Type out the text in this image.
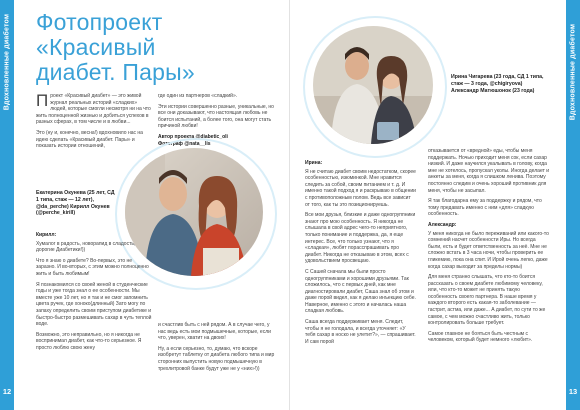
Вдохновленные диабетом
12
Вдохновленные диабетом
13
Фотопроект
«Красивый
диабет. Пары»

Проект «Красивый диабет» — это живой журнал реальных историй «сладких» людей, которые смогли несмотря ни на что жить полноценной жизнью и добиться успехов в разных сферах, в том числе и в любви...

Это (ну и, конечно, весна!) вдохновило нас на идею сделать «Красивый диабет. Пары» и показать истории отношений,

где один из партнеров «сладкий».

Эти истории совершенно разные, уникальные, но все они доказывают, что настоящая любовь не боится испытаний, а более того, она могут стать причиной любви!

Автор проекта @diabetic_oli

Фотограф @nata__lis

Екатерина Окунева (25 лет, СД 1 типа, стаж — 12 лет), @da_perche) Кирилл Окунев (@perche_kirill)

Кирилл:

Хумалог в радость, новорапид в сладость, дорогие Диабетики!))

Что я знаю о диабете? Во-первых, это не заразно. И во-вторых, с этим можно полноценно жить и быть любимым!

Я познакомился со своей женой в студенческие годы и уже тогда знал о ее особенности. Мы вместе уже 10 лет, но я так и не смог запомнить цвета ручек, где хоноко(длинный) Зато могу по запаху определить своим приступом диабетике и быстро-быстро размешивать сахар в чуть теплой воде.

Возможно, это неправильно, но я никогда не воспринимал диабет, как что-то серьезное. Я просто люблю свою жену

и счастлив быть с ней рядом. А в случае чего, у нас ведь есть мои подмышечные, которые, если что, уверен, хватит на двоих!

Ну, а если серьезно, то, думаю, что вскоре изобретут таблетку от диабета любого типа и мир сторонних выпустить новую подмышечную в трехлитровой банке будут уже не у «них»!))

Ирина Чигарева (23 года, СД 1 типа, стаж — 3 года, @chigiryova) Александр Матюшонок (23 года)

Ирина:

Я не считаю диабет своим недостатком, скорее особенностью, изюминкой. Мне нравится следить за собой, своим питанием и т. д. И именно такой подход я и раскрываю в общении с противоположным полом. Ведь все зависит от того, как ты это позиционируешь.

Все мои друзья, близкие и даже одногруппники знают про мою особенность. Я никогда не слышала в свой адрес чего-то неприятного, только понимание и поддержка, да, я еще интерес. Все, что только узнают, что я «сладкая», любят порасспрашивать про диабет. Никогда не отказываю в этом, всех с удовольствием просвещаю.

С Сашей сначала мы были просто одногруппниками и хорошими друзьями. Так сложилось, что с первых дней, как мне диагностировали диабет, Саша знал об этом и даже порой видел, как я делаю инъекцию себе. Наверное, именно с этого и началась наша сладкая любовь.

Саша всегда поддерживает меня. Следит, чтобы я не голодала, и всегда уточняет: «У тебя сахар в носко не улетит?», — спрашивает. И сам порой

отказывается от «вредной» еды, чтобы меня поддержать. Ночью приходит меня сок, если сахар низкий. И даже научился укалывать в голову, когда мне не хотелось, пропускал уколы. Иногда делает и анкеты за меня, когда я слишком ленива. Поэтому постоянно следим и очень хороший противник для меня, чтобы не засыпал.

Я так благодарна ему за поддержку и рядом, что тому предавать именно с ним «для» сладкую особенность.

Александр:

У меня никогда не было переживаний или какого-то сомнений насчет особенности Иры. Но всегда были, есть и будет ответственность за неё. Мне не сложно встать в 3 часа ночи, чтобы проверить ее гликемию, пока она спит. И Ирой очень легко, даже когда сахар выходит за пределы нормы)

Для меня странно слышать, что кто-то боится рассказать о своем диабете любимому человеку, или, что кто-то может не принять такую особенность своего партнера. В наше время у каждого второго есть какая-то заболевание — гастрит, астма, или даже... А диабет, по сути то же самое, с чем можно счастливо жить, только контролировать больше требует.

Самое главное не бояться быть честным с человеком, который будет немного «любит».
